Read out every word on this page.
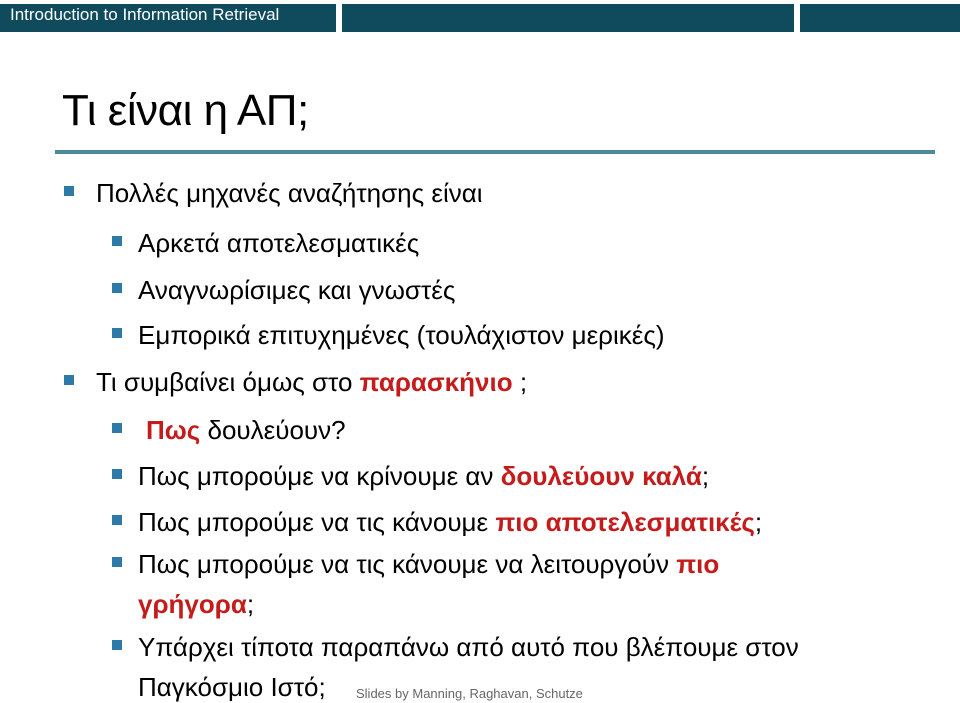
Introduction to Information Retrieval
Τι είναι η ΑΠ;
Πολλές μηχανές αναζήτησης είναι
Αρκετά αποτελεσματικές
Αναγνωρίσιμες και γνωστές
Εμπορικά επιτυχημένες (τουλάχιστον μερικές)
Τι συμβαίνει όμως στο παρασκήνιο ;
Πως δουλεύουν?
Πως μπορούμε να κρίνουμε αν δουλεύουν καλά;
Πως μπορούμε να τις κάνουμε πιο αποτελεσματικές;
Πως μπορούμε να τις κάνουμε να λειτουργούν πιο
γρήγορα;
Υπάρχει τίποτα παραπάνω από αυτό που βλέπουμε στον
Παγκόσμιο Ιστό; Slides by Manning, Raghavan, Schutze
